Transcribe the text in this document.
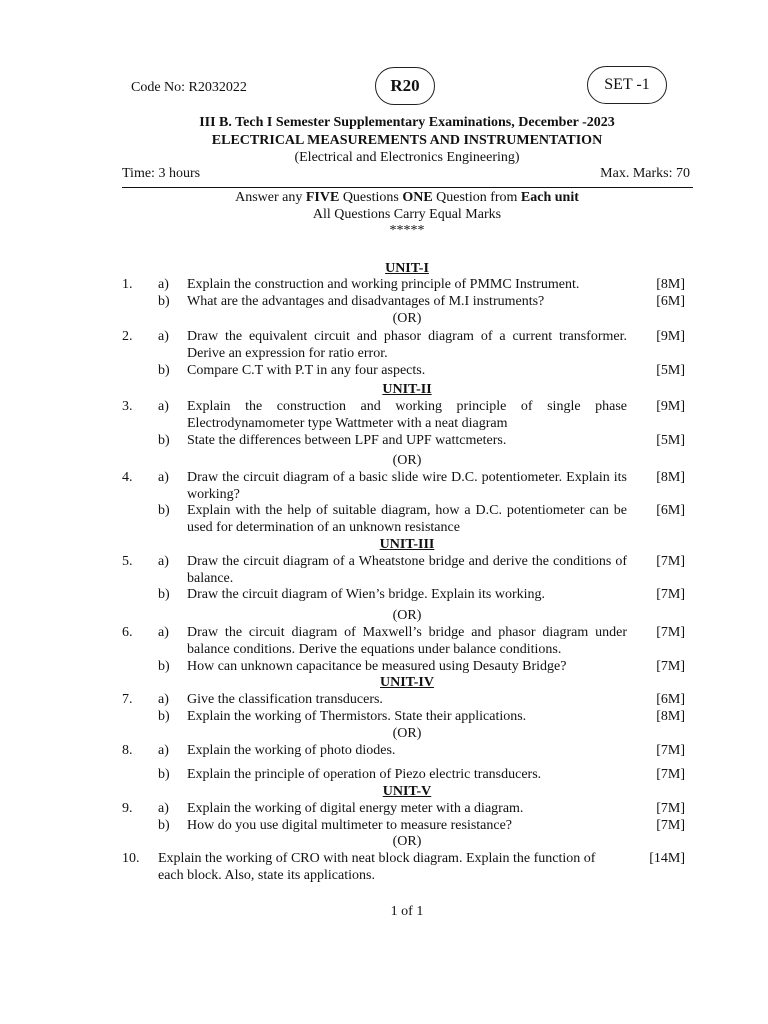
Code No: R2032022	R20	SET -1
III B. Tech I Semester Supplementary Examinations, December -2023
ELECTRICAL MEASUREMENTS AND INSTRUMENTATION
(Electrical and Electronics Engineering)
Time: 3 hours	Max. Marks: 70
Answer any FIVE Questions ONE Question from Each unit
All Questions Carry Equal Marks
*****
UNIT-I
1. a) Explain the construction and working principle of PMMC Instrument.	[8M]
b) What are the advantages and disadvantages of M.I instruments?	[6M]
(OR)
2. a) Draw the equivalent circuit and phasor diagram of a current transformer. Derive an expression for ratio error.
[9M]
b) Compare C.T with P.T in any four aspects.	[5M]
UNIT-II
3. a) Explain the construction and working principle of single phase Electrodynamometer type Wattmeter with a neat diagram
[9M]
b) State the differences between LPF and UPF wattcmeters.	[5M]
(OR)
4. a) Draw the circuit diagram of a basic slide wire D.C. potentiometer. Explain its working?
[8M]
b) Explain with the help of suitable diagram, how a D.C. potentiometer can be used for determination of an unknown resistance
[6M]
UNIT-III
5. a) Draw the circuit diagram of a Wheatstone bridge and derive the conditions of balance.
[7M]
b) Draw the circuit diagram of Wien’s bridge. Explain its working.	[7M]
(OR)
6. a) Draw the circuit diagram of Maxwell’s bridge and phasor diagram under balance conditions. Derive the equations under balance conditions.
[7M]
b) How can unknown capacitance be measured using Desauty Bridge?	[7M]
UNIT-IV
7. a) Give the classification transducers.	[6M]
b) Explain the working of Thermistors. State their applications.	[8M]
(OR)
8. a) Explain the working of photo diodes.	[7M]
b) Explain the principle of operation of Piezo electric transducers.	[7M]
UNIT-V
9. a) Explain the working of digital energy meter with a diagram.	[7M]
b) How do you use digital multimeter to measure resistance?	[7M]
(OR)
10. Explain the working of CRO with neat block diagram. Explain the function of each block. Also, state its applications.
[14M]
1 of 1
